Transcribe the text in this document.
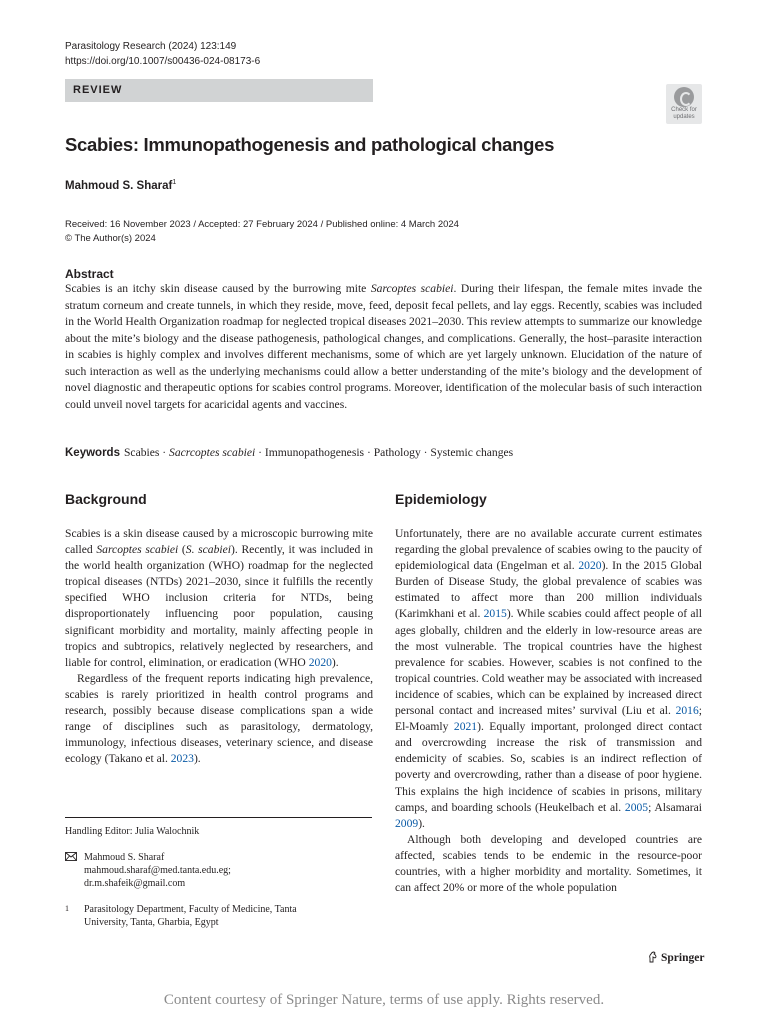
Parasitology Research (2024) 123:149
https://doi.org/10.1007/s00436-024-08173-6
REVIEW
Check for
updates
Scabies: Immunopathogenesis and pathological changes
Mahmoud S. Sharaf$^1$
Received: 16 November 2023 / Accepted: 27 February 2024 / Published online: 4 March 2024
© The Author(s) 2024
Abstract
Scabies is an itchy skin disease caused by the burrowing mite Sarcoptes scabiei. During their lifespan, the female mites invade the stratum corneum and create tunnels, in which they reside, move, feed, deposit fecal pellets, and lay eggs. Recently, scabies was included in the World Health Organization roadmap for neglected tropical diseases 2021–2030. This review attempts to summarize our knowledge about the mite’s biology and the disease pathogenesis, pathological changes, and complications. Generally, the host–parasite interaction in scabies is highly complex and involves different mechanisms, some of which are yet largely unknown. Elucidation of the nature of such interaction as well as the underlying mechanisms could allow a better understanding of the mite’s biology and the development of novel diagnostic and therapeutic options for scabies control programs. Moreover, identification of the molecular basis of such interaction could unveil novel targets for acaricidal agents and vaccines.
Keywords Scabies · Sacrcoptes scabiei · Immunopathogenesis · Pathology · Systemic changes
Background

Scabies is a skin disease caused by a microscopic burrowing mite called Sarcoptes scabiei (S. scabiei). Recently, it was included in the world health organization (WHO) roadmap for the neglected tropical diseases (NTDs) 2021–2030, since it fulfills the recently specified WHO inclusion criteria for NTDs, being disproportionately influencing poor population, causing significant morbidity and mortality, mainly affecting people in tropics and subtropics, relatively neglected by researchers, and liable for control, elimination, or eradication (WHO 2020).

Regardless of the frequent reports indicating high prevalence, scabies is rarely prioritized in health control programs and research, possibly because disease complications span a wide range of disciplines such as parasitology, dermatology, immunology, infectious diseases, veterinary science, and disease ecology (Takano et al. 2023).

Handling Editor: Julia Walochnik
Mahmoud S. Sharaf
mahmoud.sharaf@med.tanta.edu.eg;
dr.m.shafeik@gmail.com
1 Parasitology Department, Faculty of Medicine, Tanta
University, Tanta, Gharbia, Egypt
Epidemiology

Unfortunately, there are no available accurate current estimates regarding the global prevalence of scabies owing to the paucity of epidemiological data (Engelman et al. 2020). In the 2015 Global Burden of Disease Study, the global prevalence of scabies was estimated to affect more than 200 million individuals (Karimkhani et al. 2015). While scabies could affect people of all ages globally, children and the elderly in low-resource areas are the most vulnerable. The tropical countries have the highest prevalence for scabies. However, scabies is not confined to the tropical countries. Cold weather may be associated with increased incidence of scabies, which can be explained by increased direct personal contact and increased mites’ survival (Liu et al. 2016; El-Moamly 2021). Equally important, prolonged direct contact and overcrowding increase the risk of transmission and endemicity of scabies. So, scabies is an indirect reflection of poverty and overcrowding, rather than a disease of poor hygiene. This explains the high incidence of scabies in prisons, military camps, and boarding schools (Heukelbach et al. 2005; Alsamarai 2009).

Although both developing and developed countries are affected, scabies tends to be endemic in the resource-poor countries, with a higher morbidity and mortality. Sometimes, it can affect 20% or more of the whole population

Springer
Content courtesy of Springer Nature, terms of use apply. Rights reserved.
